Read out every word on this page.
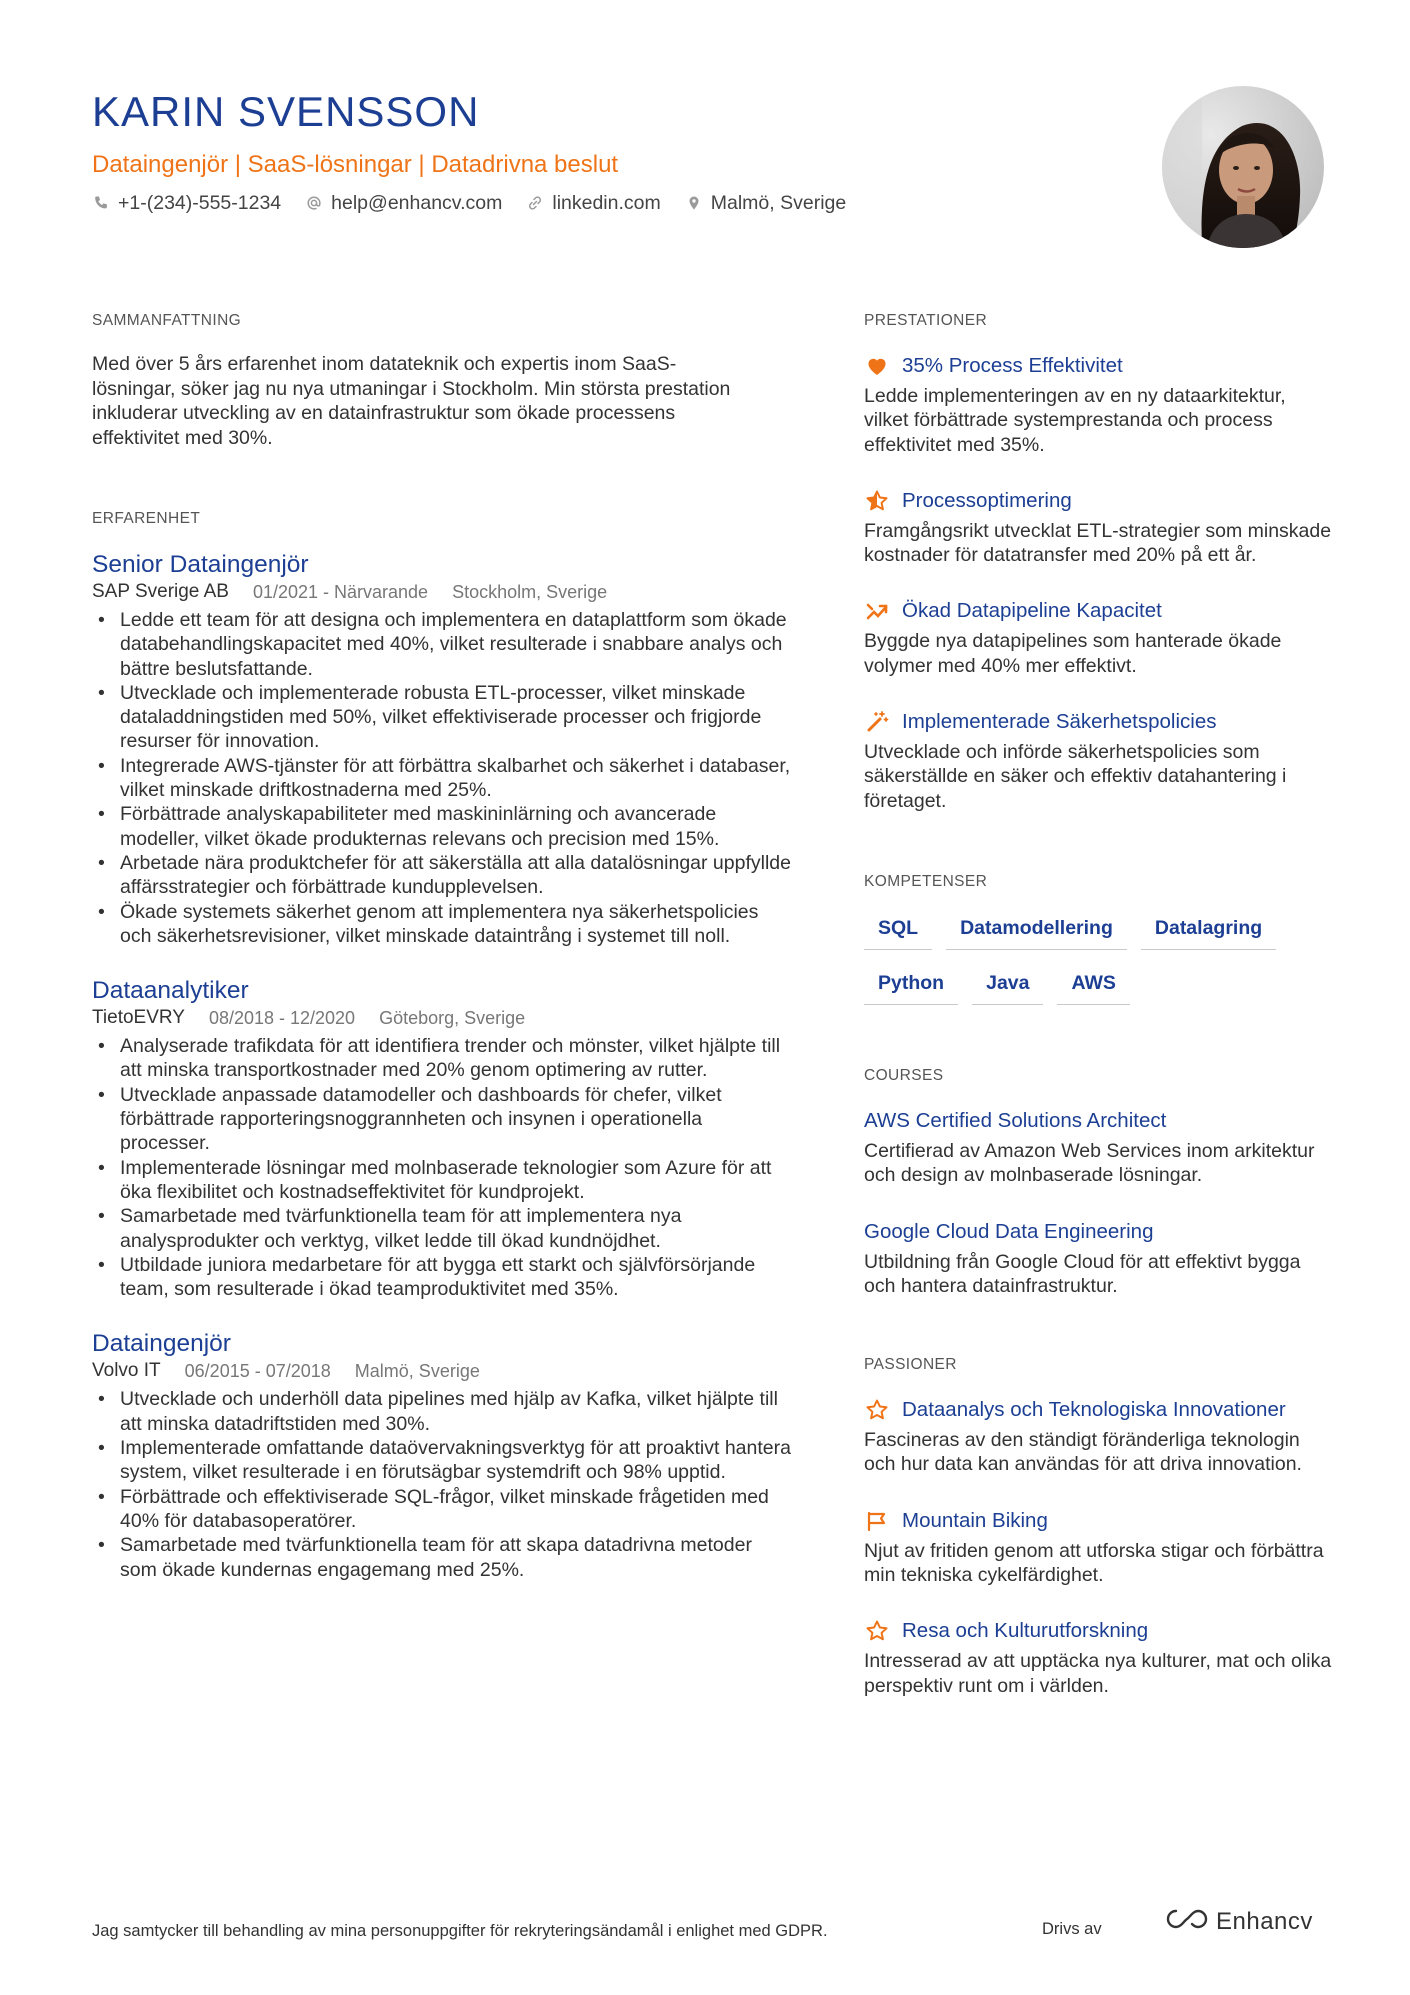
KARIN SVENSSON
Dataingenjör | SaaS-lösningar | Datadrivna beslut
+1-(234)-555-1234	help@enhancv.com	linkedin.com	Malmö, Sverige
SAMMANFATTNING

Med över 5 års erfarenhet inom datateknik och expertis inom SaaS-lösningar, söker jag nu nya utmaningar i Stockholm. Min största prestation inkluderar utveckling av en datainfrastruktur som ökade processens effektivitet med 30%.

ERFARENHET
Senior Dataingenjör
SAP Sverige AB 01/2021 - Närvarande Stockholm, Sverige
• Ledde ett team för att designa och implementera en dataplattform som ökade databehandlingskapacitet med 40%, vilket resulterade i snabbare analys och bättre beslutsfattande.
• Utvecklade och implementerade robusta ETL-processer, vilket minskade dataladdningstiden med 50%, vilket effektiviserade processer och frigjorde resurser för innovation.
• Integrerade AWS-tjänster för att förbättra skalbarhet och säkerhet i databaser, vilket minskade driftkostnaderna med 25%.
• Förbättrade analyskapabiliteter med maskininlärning och avancerade modeller, vilket ökade produkternas relevans och precision med 15%.
• Arbetade nära produktchefer för att säkerställa att alla datalösningar uppfyllde affärsstrategier och förbättrade kundupplevelsen.
• Ökade systemets säkerhet genom att implementera nya säkerhetspolicies och säkerhetsrevisioner, vilket minskade dataintrång i systemet till noll.
Dataanalytiker
TietoEVRY 08/2018 - 12/2020 Göteborg, Sverige
• Analyserade trafikdata för att identifiera trender och mönster, vilket hjälpte till att minska transportkostnader med 20% genom optimering av rutter.
• Utvecklade anpassade datamodeller och dashboards för chefer, vilket förbättrade rapporteringsnoggrannheten och insynen i operationella processer.
• Implementerade lösningar med molnbaserade teknologier som Azure för att öka flexibilitet och kostnadseffektivitet för kundprojekt.
• Samarbetade med tvärfunktionella team för att implementera nya analysprodukter och verktyg, vilket ledde till ökad kundnöjdhet.
• Utbildade juniora medarbetare för att bygga ett starkt och självförsörjande team, som resulterade i ökad teamproduktivitet med 35%.
Dataingenjör
Volvo IT 06/2015 - 07/2018 Malmö, Sverige
• Utvecklade och underhöll data pipelines med hjälp av Kafka, vilket hjälpte till att minska datadriftstiden med 30%.
• Implementerade omfattande dataövervakningsverktyg för att proaktivt hantera system, vilket resulterade i en förutsägbar systemdrift och 98% upptid.
• Förbättrade och effektiviserade SQL-frågor, vilket minskade frågetiden med 40% för databasoperatörer.
• Samarbetade med tvärfunktionella team för att skapa datadrivna metoder som ökade kundernas engagemang med 25%.
PRESTATIONER
35% Process Effektivitet
Ledde implementeringen av en ny dataarkitektur, vilket förbättrade systemprestanda och process effektivitet med 35%.
Processoptimering
Framgångsrikt utvecklat ETL-strategier som minskade kostnader för datatransfer med 20% på ett år.
Ökad Datapipeline Kapacitet
Byggde nya datapipelines som hanterade ökade volymer med 40% mer effektivt.
Implementerade Säkerhetspolicies
Utvecklade och införde säkerhetspolicies som säkerställde en säker och effektiv datahantering i företaget.
KOMPETENSER
SQL	Datamodellering	Datalagring
Python	Java	AWS
COURSES
AWS Certified Solutions Architect
Certifierad av Amazon Web Services inom arkitektur och design av molnbaserade lösningar.
Google Cloud Data Engineering
Utbildning från Google Cloud för att effektivt bygga och hantera datainfrastruktur.
PASSIONER
Dataanalys och Teknologiska Innovationer
Fascineras av den ständigt föränderliga teknologin och hur data kan användas för att driva innovation.
Mountain Biking
Njut av fritiden genom att utforska stigar och förbättra min tekniska cykelfärdighet.
Resa och Kulturutforskning
Intresserad av att upptäcka nya kulturer, mat och olika perspektiv runt om i världen.
Jag samtycker till behandling av mina personuppgifter för rekryteringsändamål i enlighet med GDPR.	Drivs av	Enhancv
